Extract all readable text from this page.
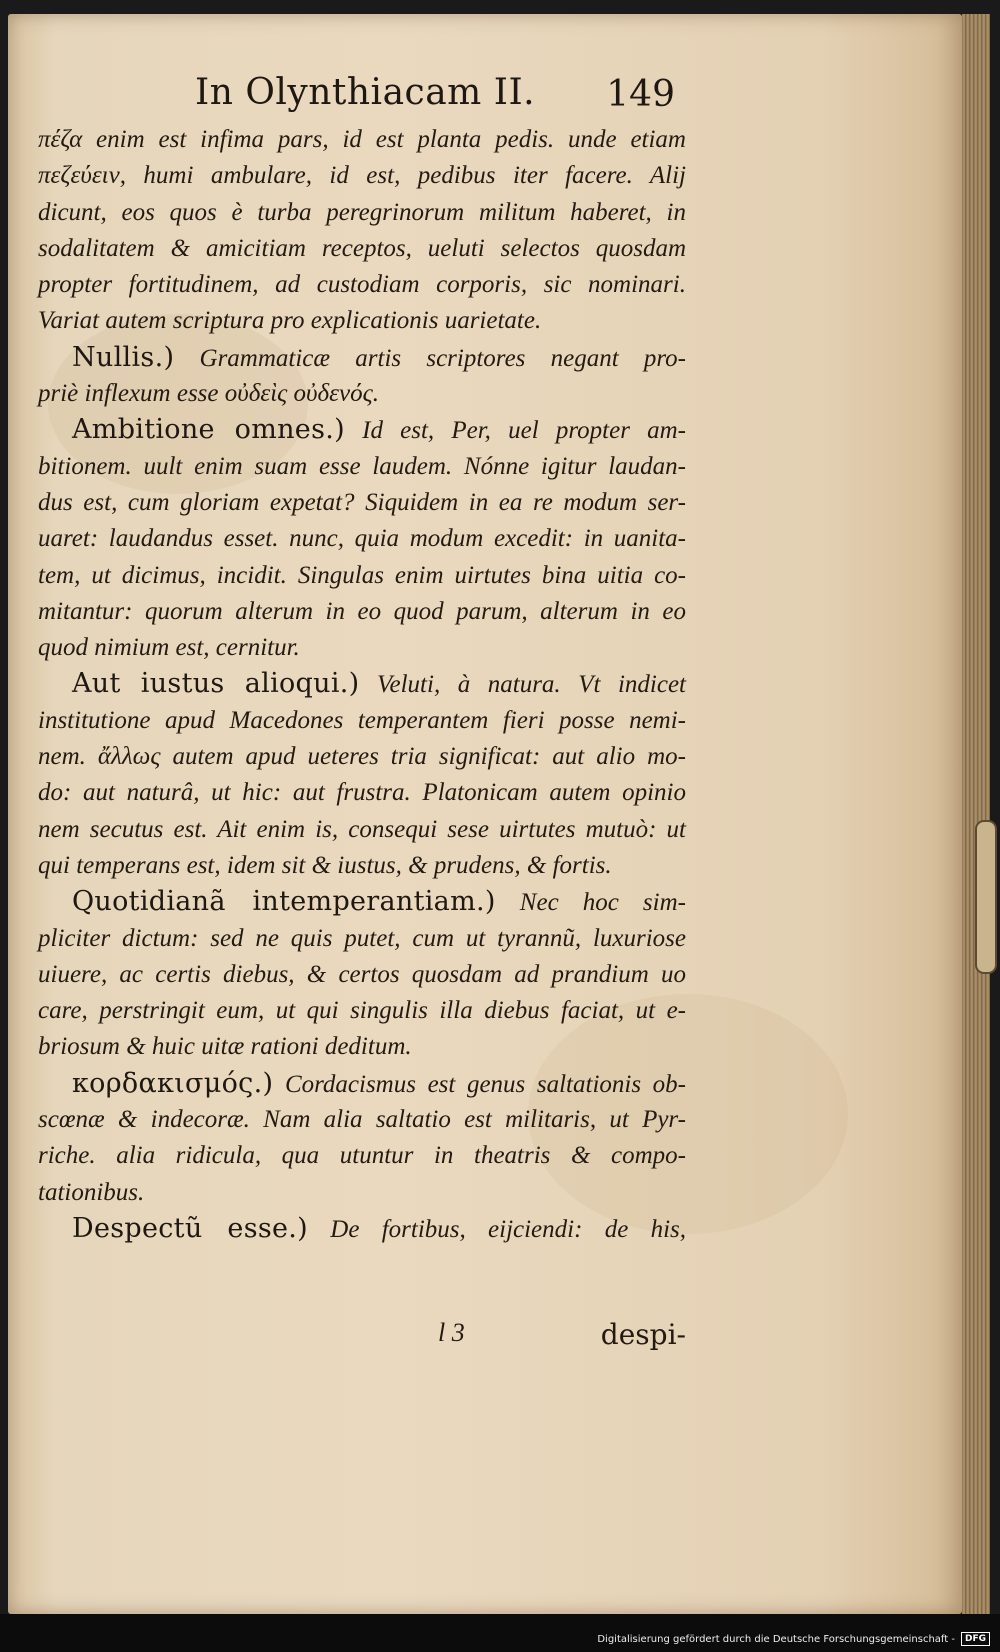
In Olynthiacam II. 149
πέζα enim est infima pars, id est planta pedis. unde etiam
πεζεύειν, humi ambulare, id est, pedibus iter facere. Alij
dicunt, eos quos è turba peregrinorum militum haberet, in
sodalitatem & amicitiam receptos, ueluti selectos quosdam
propter fortitudinem, ad custodiam corporis, sic nominari.
Variat autem scriptura pro explicationis uarietate.
Nullis.) Grammaticæ artis scriptores negant pro-
priè inflexum esse οὐδεὶς οὐδενός.
Ambitione omnes.) Id est, Per, uel propter am-
bitionem. uult enim suam esse laudem. Nónne igitur laudan-
dus est, cum gloriam expetat? Siquidem in ea re modum ser-
uaret: laudandus esset. nunc, quia modum excedit: in uanita-
tem, ut dicimus, incidit. Singulas enim uirtutes bina uitia co-
mitantur: quorum alterum in eo quod parum, alterum in eo
quod nimium est, cernitur.
Aut iustus alioqui.) Veluti, à natura. Vt indicet
institutione apud Macedones temperantem fieri posse nemi-
nem. ἄλλως autem apud ueteres tria significat: aut alio mo-
do: aut naturâ, ut hic: aut frustra. Platonicam autem opinio
nem secutus est. Ait enim is, consequi sese uirtutes mutuò: ut
qui temperans est, idem sit & iustus, & prudens, & fortis.
Quotidianã intemperantiam.) Nec hoc sim-
pliciter dictum: sed ne quis putet, cum ut tyrannũ, luxuriose
uiuere, ac certis diebus, & certos quosdam ad prandium uo
care, perstringit eum, ut qui singulis illa diebus faciat, ut e-
briosum & huic uitæ rationi deditum.
κορδακισμός.) Cordacismus est genus saltationis ob-
scœnæ & indecoræ. Nam alia saltatio est militaris, ut Pyr-
riche. alia ridicula, qua utuntur in theatris & compo-
tationibus.
Despectũ esse.) De fortibus, eijciendi: de his,
l 3	despi-
Digitalisierung gefördert durch die Deutsche Forschungsgemeinschaft -	DFG
